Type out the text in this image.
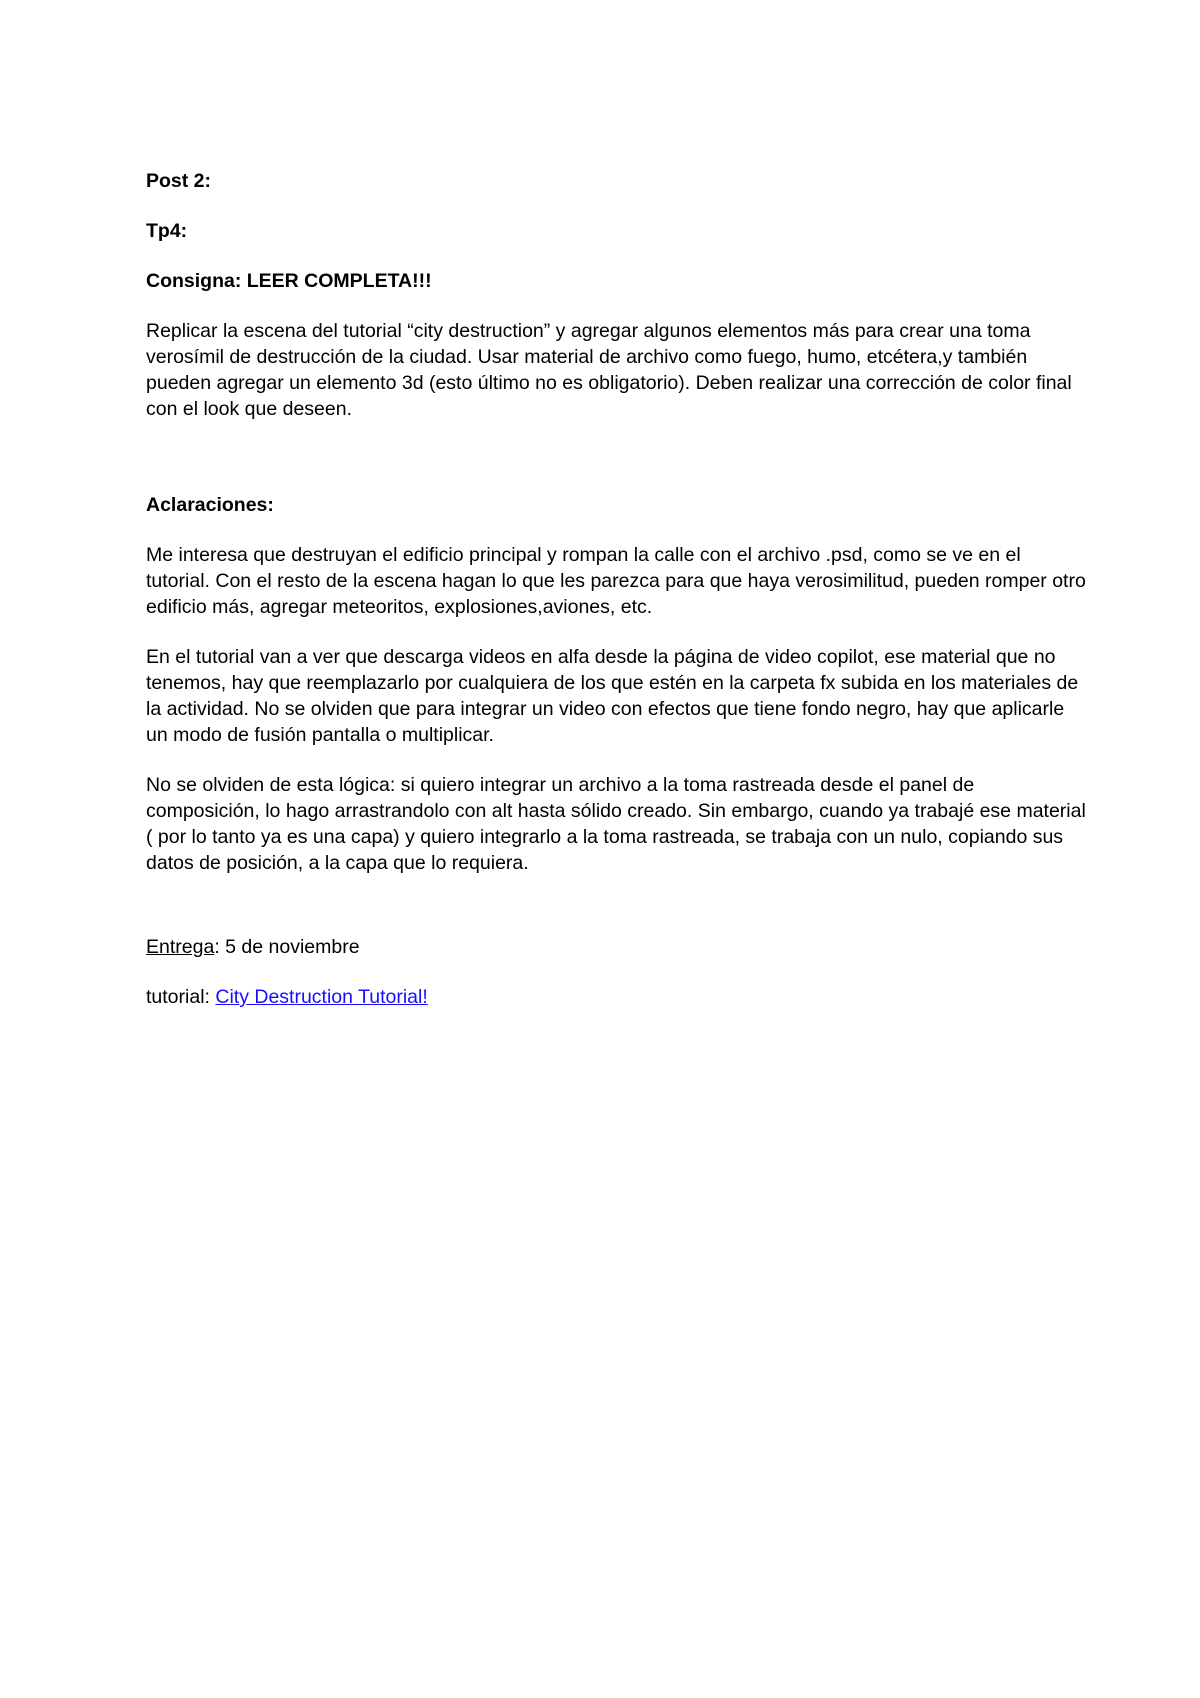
Post 2:

Tp4:

Consigna: LEER COMPLETA!!!

Replicar la escena del tutorial “city destruction” y agregar algunos elementos más para crear una toma verosímil de destrucción de la ciudad. Usar material de archivo como fuego, humo, etcétera,y también pueden agregar un elemento 3d (esto último no es obligatorio). Deben realizar una corrección de color final con el look que deseen.

Aclaraciones:

Me interesa que destruyan el edificio principal y rompan la calle con el archivo .psd, como se ve en el tutorial. Con el resto de la escena hagan lo que les parezca para que haya verosimilitud, pueden romper otro edificio más, agregar meteoritos, explosiones,aviones, etc.

En el tutorial van a ver que descarga videos en alfa desde la página de video copilot, ese material que no tenemos, hay que reemplazarlo por cualquiera de los que estén en la carpeta fx subida en los materiales de la actividad. No se olviden que para integrar un video con efectos que tiene fondo negro, hay que aplicarle un modo de fusión pantalla o multiplicar.

No se olviden de esta lógica: si quiero integrar un archivo a la toma rastreada desde el panel de composición, lo hago arrastrandolo con alt hasta sólido creado. Sin embargo, cuando ya trabajé ese material ( por lo tanto ya es una capa) y quiero integrarlo a la toma rastreada, se trabaja con un nulo, copiando sus datos de posición, a la capa que lo requiera.

Entrega: 5 de noviembre

tutorial: City Destruction Tutorial!
